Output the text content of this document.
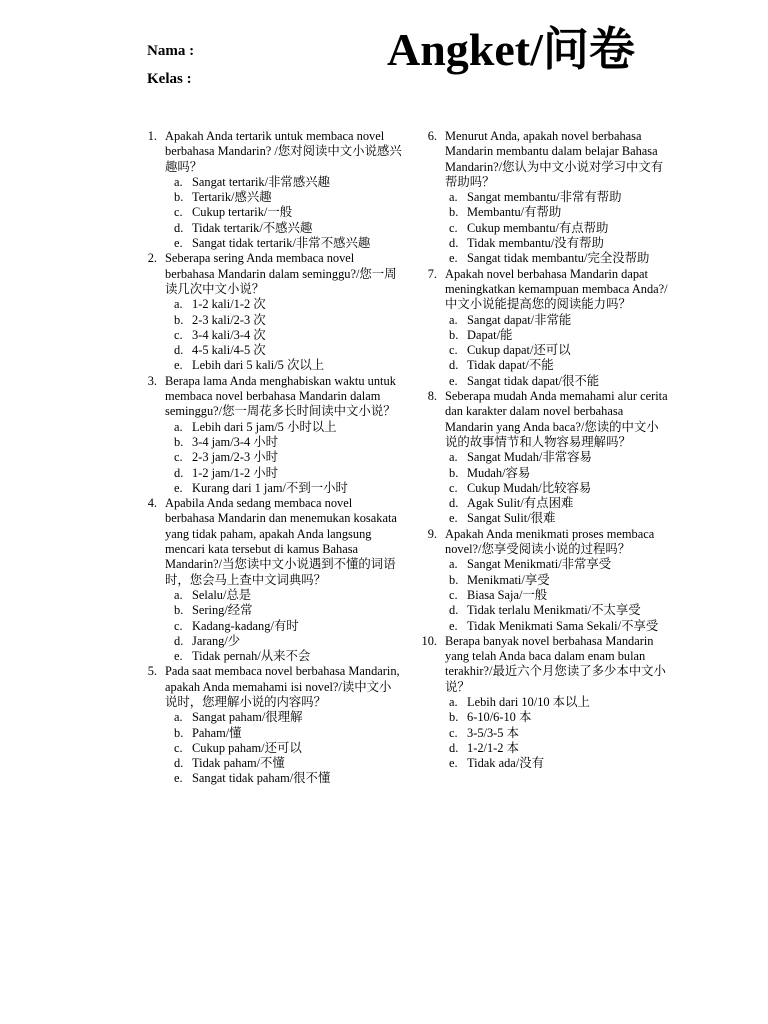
Nama :
Kelas :
Angket/问卷
1. Apakah Anda tertarik untuk membaca novel berbahasa Mandarin? /您对阅读中文小说感兴趣吗？
a. Sangat tertarik/非常感兴趣
b. Tertarik/感兴趣
c. Cukup tertarik/一般
d. Tidak tertarik/不感兴趣
e. Sangat tidak tertarik/非常不感兴趣
2. Seberapa sering Anda membaca novel berbahasa Mandarin dalam seminggu?/您一周读几次中文小说？
a. 1-2 kali/1-2 次
b. 2-3 kali/2-3 次
c. 3-4 kali/3-4 次
d. 4-5 kali/4-5 次
e. Lebih dari 5 kali/5 次以上
3. Berapa lama Anda menghabiskan waktu untuk membaca novel berbahasa Mandarin dalam seminggu?/您一周花多长时间读中文小说？
a. Lebih dari 5 jam/5 小时以上
b. 3-4 jam/3-4 小时
c. 2-3 jam/2-3 小时
d. 1-2 jam/1-2 小时
e. Kurang dari 1 jam/不到一小时
4. Apabila Anda sedang membaca novel berbahasa Mandarin dan menemukan kosakata yang tidak paham, apakah Anda langsung mencari kata tersebut di kamus Bahasa Mandarin?/当您读中文小说遇到不懂的词语时，您会马上查中文词典吗？
a. Selalu/总是
b. Sering/经常
c. Kadang-kadang/有时
d. Jarang/少
e. Tidak pernah/从来不会
5. Pada saat membaca novel berbahasa Mandarin, apakah Anda memahami isi novel?/读中文小说时，您理解小说的内容吗？
a. Sangat paham/很理解
b. Paham/懂
c. Cukup paham/还可以
d. Tidak paham/不懂
e. Sangat tidak paham/很不懂
6. Menurut Anda, apakah novel berbahasa Mandarin membantu dalam belajar Bahasa Mandarin?/您认为中文小说对学习中文有帮助吗？
a. Sangat membantu/非常有帮助
b. Membantu/有帮助
c. Cukup membantu/有点帮助
d. Tidak membantu/没有帮助
e. Sangat tidak membantu/完全没帮助
7. Apakah novel berbahasa Mandarin dapat meningkatkan kemampuan membaca Anda?/中文小说能提高您的阅读能力吗？
a. Sangat dapat/非常能
b. Dapat/能
c. Cukup dapat/还可以
d. Tidak dapat/不能
e. Sangat tidak dapat/很不能
8. Seberapa mudah Anda memahami alur cerita dan karakter dalam novel berbahasa Mandarin yang Anda baca?/您读的中文小说的故事情节和人物容易理解吗？
a. Sangat Mudah/非常容易
b. Mudah/容易
c. Cukup Mudah/比较容易
d. Agak Sulit/有点困难
e. Sangat Sulit/很难
9. Apakah Anda menikmati proses membaca novel?/您享受阅读小说的过程吗？
a. Sangat Menikmati/非常享受
b. Menikmati/享受
c. Biasa Saja/一般
d. Tidak terlalu Menikmati/不太享受
e. Tidak Menikmati Sama Sekali/不享受
10. Berapa banyak novel berbahasa Mandarin yang telah Anda baca dalam enam bulan terakhir?/最近六个月您读了多少本中文小说？
a. Lebih dari 10/10 本以上
b. 6-10/6-10 本
c. 3-5/3-5 本
d. 1-2/1-2 本
e. Tidak ada/没有
